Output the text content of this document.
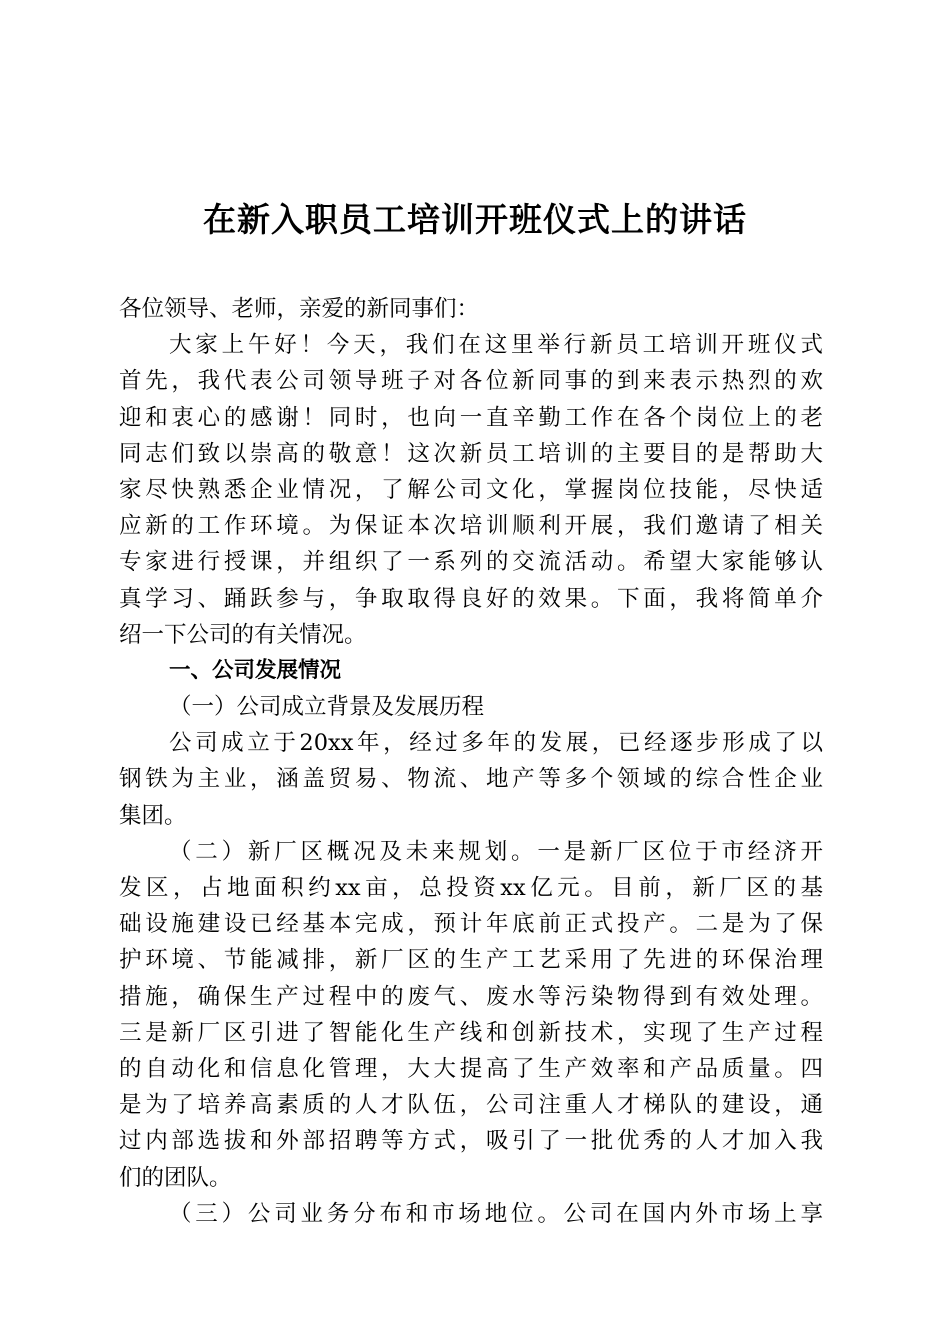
在新入职员工培训开班仪式上的讲话

各位领导、老师，亲爱的新同事们：

大家上午好！今天，我们在这里举行新员工培训开班仪式

首先，我代表公司领导班子对各位新同事的到来表示热烈的欢

迎和衷心的感谢！同时，也向一直辛勤工作在各个岗位上的老

同志们致以崇高的敬意！这次新员工培训的主要目的是帮助大

家尽快熟悉企业情况，了解公司文化，掌握岗位技能，尽快适

应新的工作环境。为保证本次培训顺利开展，我们邀请了相关

专家进行授课，并组织了一系列的交流活动。希望大家能够认

真学习、踊跃参与，争取取得良好的效果。下面，我将简单介

绍一下公司的有关情况。

一、公司发展情况

（一）公司成立背景及发展历程

公司成立于20xx年，经过多年的发展，已经逐步形成了以

钢铁为主业，涵盖贸易、物流、地产等多个领域的综合性企业

集团。

（二）新厂区概况及未来规划。一是新厂区位于市经济开

发区，占地面积约xx亩，总投资xx亿元。目前，新厂区的基

础设施建设已经基本完成，预计年底前正式投产。二是为了保

护环境、节能减排，新厂区的生产工艺采用了先进的环保治理

措施，确保生产过程中的废气、废水等污染物得到有效处理。

三是新厂区引进了智能化生产线和创新技术，实现了生产过程

的自动化和信息化管理，大大提高了生产效率和产品质量。四

是为了培养高素质的人才队伍，公司注重人才梯队的建设，通

过内部选拔和外部招聘等方式，吸引了一批优秀的人才加入我

们的团队。

（三）公司业务分布和市场地位。公司在国内外市场上享
